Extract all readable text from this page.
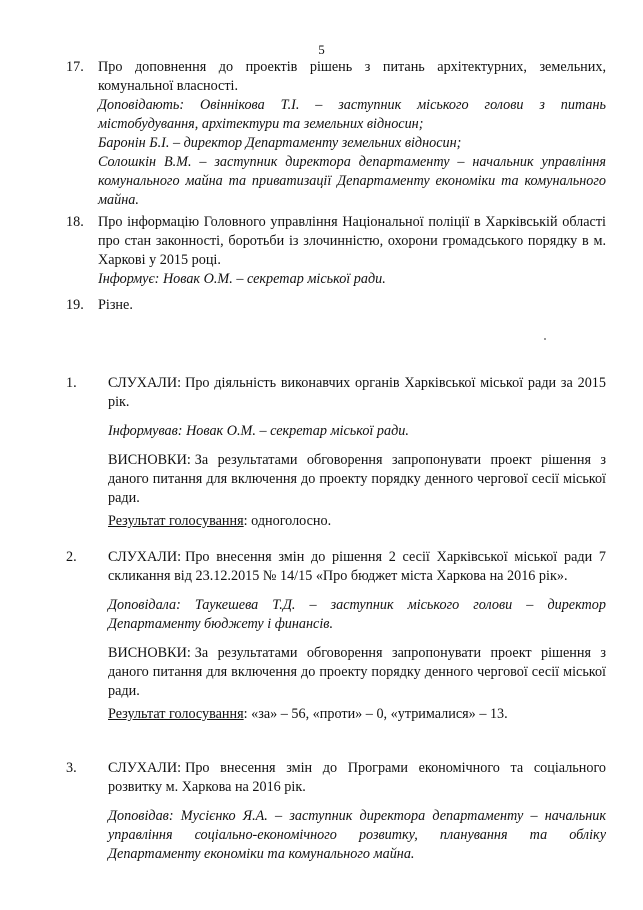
5
17.	Про доповнення до проектів рішень з питань архітектурних, земельних, комунальної власності.
Доповідають: Овіннікова Т.І. – заступник міського голови з питань містобудування, архітектури та земельних відносин;
Баронін Б.І. – директор Департаменту земельних відносин;
Солошкін В.М. – заступник директора департаменту – начальник управління комунального майна та приватизації Департаменту економіки та комунального майна.
18.	Про інформацію Головного управління Національної поліції в Харківській області про стан законності, боротьби із злочинністю, охорони громадського порядку в м. Харкові у 2015 році.
Інформує: Новак О.М. – секретар міської ради.
19.	Різне.
1.	СЛУХАЛИ: Про діяльність виконавчих органів Харківської міської ради за 2015 рік.

Інформував: Новак О.М. – секретар міської ради.

ВИСНОВКИ: За результатами обговорення запропонувати проект рішення з даного питання для включення до проекту порядку денного чергової сесії міської ради.

Результат голосування: одноголосно.

2.	СЛУХАЛИ: Про внесення змін до рішення 2 сесії Харківської міської ради 7 скликання від 23.12.2015 № 14/15 «Про бюджет міста Харкова на 2016 рік».

Доповідала: Таукешева Т.Д. – заступник міського голови – директор Департаменту бюджету і финансів.

ВИСНОВКИ: За результатами обговорення запропонувати проект рішення з даного питання для включення до проекту порядку денного чергової сесії міської ради.

Результат голосування: «за» – 56, «проти» – 0, «утрималися» – 13.

3.	СЛУХАЛИ: Про внесення змін до Програми економічного та соціального розвитку м. Харкова на 2016 рік.

Доповідав: Мусієнко Я.А. – заступник директора департаменту – начальник управління соціально-економічного розвитку, планування та обліку Департаменту економіки та комунального майна.
